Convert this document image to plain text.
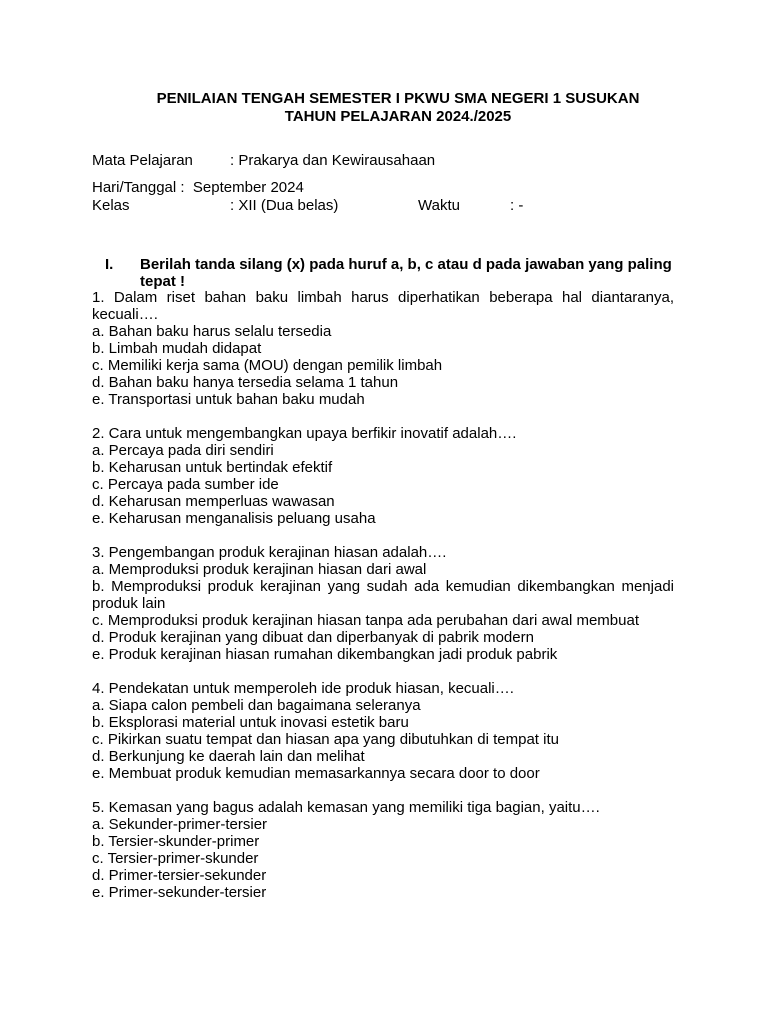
PENILAIAN TENGAH SEMESTER I PKWU SMA NEGERI 1 SUSUKAN
TAHUN PELAJARAN 2024./2025
Mata Pelajaran : Prakarya dan Kewirausahaan
Hari/Tanggal : September 2024
Kelas	: XII (Dua belas)	Waktu	: -
I. Berilah tanda silang (x) pada huruf a, b, c atau d pada jawaban yang paling tepat !
1. Dalam riset bahan baku limbah harus diperhatikan beberapa hal diantaranya, kecuali….
a. Bahan baku harus selalu tersedia
b. Limbah mudah didapat
c. Memiliki kerja sama (MOU) dengan pemilik limbah
d. Bahan baku hanya tersedia selama 1 tahun
e. Transportasi untuk bahan baku mudah
2. Cara untuk mengembangkan upaya berfikir inovatif adalah….
a. Percaya pada diri sendiri
b. Keharusan untuk bertindak efektif
c. Percaya pada sumber ide
d. Keharusan memperluas wawasan
e. Keharusan menganalisis peluang usaha
3. Pengembangan produk kerajinan hiasan adalah….
a. Memproduksi produk kerajinan hiasan dari awal
b. Memproduksi produk kerajinan yang sudah ada kemudian dikembangkan menjadi produk lain
c. Memproduksi produk kerajinan hiasan tanpa ada perubahan dari awal membuat
d. Produk kerajinan yang dibuat dan diperbanyak di pabrik modern
e. Produk kerajinan hiasan rumahan dikembangkan jadi produk pabrik
4. Pendekatan untuk memperoleh ide produk hiasan, kecuali….
a. Siapa calon pembeli dan bagaimana seleranya
b. Eksplorasi material untuk inovasi estetik baru
c. Pikirkan suatu tempat dan hiasan apa yang dibutuhkan di tempat itu
d. Berkunjung ke daerah lain dan melihat
e. Membuat produk kemudian memasarkannya secara door to door
5. Kemasan yang bagus adalah kemasan yang memiliki tiga bagian, yaitu….
a. Sekunder-primer-tersier
b. Tersier-skunder-primer
c. Tersier-primer-skunder
d. Primer-tersier-sekunder
e. Primer-sekunder-tersier
